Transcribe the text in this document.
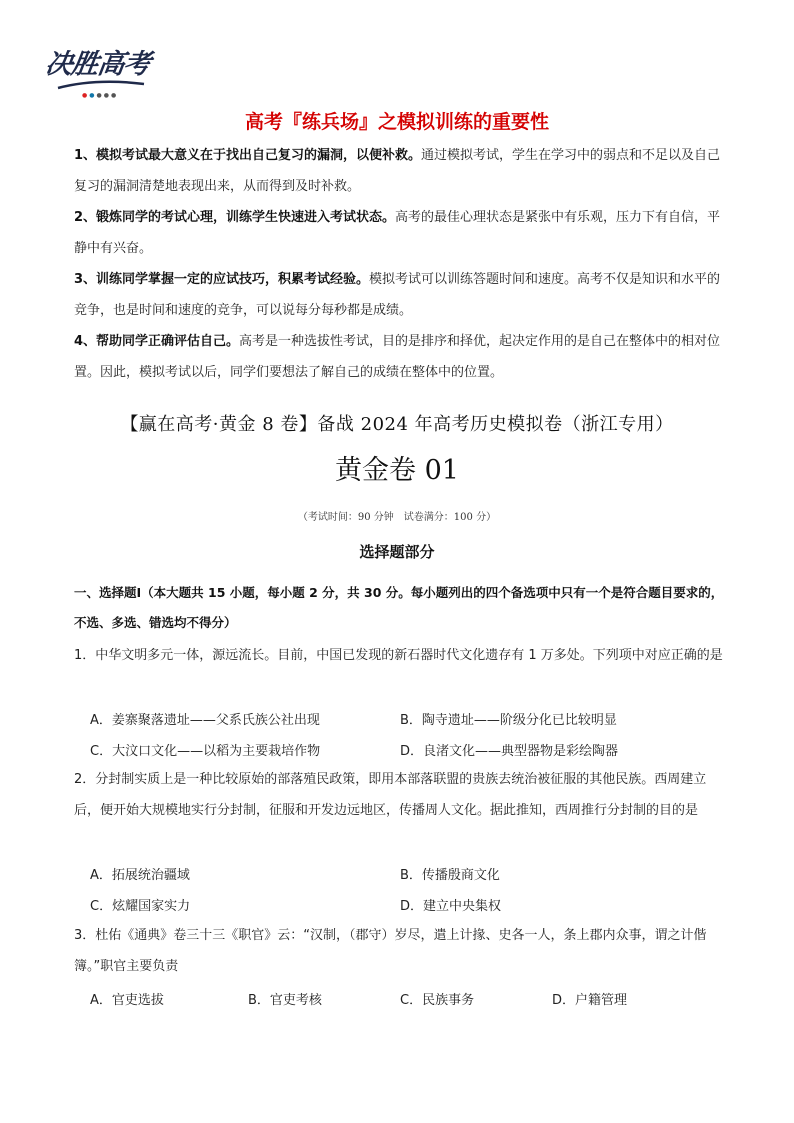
决胜高考
●●●●●
高考『练兵场』之模拟训练的重要性
1、模拟考试最大意义在于找出自己复习的漏洞，以便补救。通过模拟考试，学生在学习中的弱点和不足以及自己复习的漏洞清楚地表现出来，从而得到及时补救。
2、锻炼同学的考试心理，训练学生快速进入考试状态。高考的最佳心理状态是紧张中有乐观，压力下有自信，平静中有兴奋。
3、训练同学掌握一定的应试技巧，积累考试经验。模拟考试可以训练答题时间和速度。高考不仅是知识和水平的竞争，也是时间和速度的竞争，可以说每分每秒都是成绩。
4、帮助同学正确评估自己。高考是一种选拔性考试，目的是排序和择优，起决定作用的是自己在整体中的相对位置。因此，模拟考试以后，同学们要想法了解自己的成绩在整体中的位置。
【赢在高考·黄金 8 卷】备战 2024 年高考历史模拟卷（浙江专用）
黄金卷 01
（考试时间：90 分钟　试卷满分：100 分）
选择题部分
一、选择题Ⅰ（本大题共 15 小题，每小题 2 分，共 30 分。每小题列出的四个备选项中只有一个是符合题目要求的，不选、多选、错选均不得分）
1．中华文明多元一体，源远流长。目前，中国已发现的新石器时代文化遗存有 1 万多处。下列项中对应正确的是
A．姜寨聚落遗址——父系氏族公社出现	B．陶寺遗址——阶级分化已比较明显
C．大汶口文化——以稻为主要栽培作物	D．良渚文化——典型器物是彩绘陶器
2．分封制实质上是一种比较原始的部落殖民政策，即用本部落联盟的贵族去统治被征服的其他民族。西周建立后，便开始大规模地实行分封制，征服和开发边远地区，传播周人文化。据此推知，西周推行分封制的目的是
A．拓展统治疆域	B．传播殷商文化
C．炫耀国家实力	D．建立中央集权
3．杜佑《通典》卷三十三《职官》云：“汉制，（郡守）岁尽，遣上计掾、史各一人，条上郡内众事，谓之计偕簿。”职官主要负责
A．官吏选拔	B．官吏考核	C．民族事务	D．户籍管理
